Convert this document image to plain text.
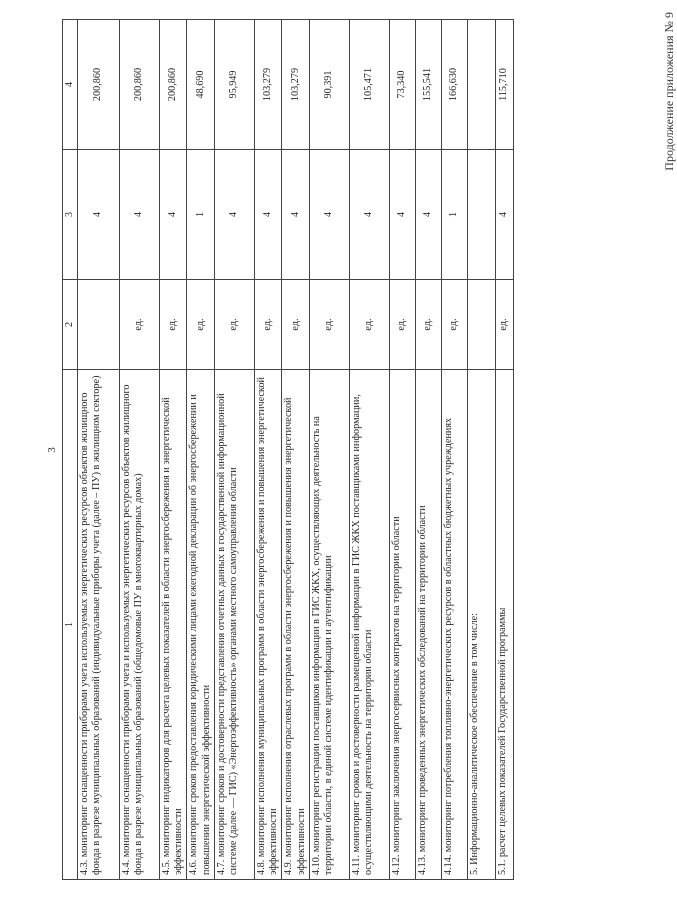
3
1	2	3	4
4.3. мониторинг оснащенности приборами учета используемых энергетических ресурсов объектов жилищного фонда в разрезе муниципальных образований (индивидуальные приборы учета (далее – ПУ) в жилищном секторе)		4	200,860
4.4. мониторинг оснащенности приборами учета и используемых энергетических ресурсов объектов жилищного фонда в разрезе муниципальных образований (общедомовые ПУ в многоквартирных домах)	ед.	4	200,860
4.5. мониторинг индикаторов для расчета целевых показателей в области энергосбережения и энергетической эффективности	ед.	4	200,860
4.6. мониторинг сроков предоставления юридическими лицами ежегодной декларации об энергосбережении и повышении энергетической эффективности	ед.	1	48,690
4.7. мониторинг сроков и достоверности представления отчетных данных в государственной информационной системе (далее — ГИС) «Энергоэффективность» органами местного самоуправления области	ед.	4	95,949
4.8. мониторинг исполнения муниципальных программ в области энергосбережения и повышения энергетической эффективности	ед.	4	103,279
4.9. мониторинг исполнения отраслевых программ в области энергосбережения и повышения энергетической эффективности	ед.	4	103,279
4.10. мониторинг регистрации поставщиков информации в ГИС ЖКХ, осуществляющих деятельность на территории области, в единой системе идентификации и аутентификации	ед.	4	90,391
4.11. мониторинг сроков и достоверности размещенной информации в ГИС ЖКХ поставщиками информации, осуществляющими деятельность на территории области	ед.	4	105,471
4.12. мониторинг заключения энергосервисных контрактов на территории области	ед.	4	73,340
4.13. мониторинг проведенных энергетических обследований на территории области	ед.	4	155,541
4.14. мониторинг потребления топливно-энергетических ресурсов в областных бюджетных учреждениях	ед.	1	166,630
5. Информационно-аналитическое обеспечение в том числе:			
5.1. расчет целевых показателей Государственной программы	ед.	4	115,710	Продолжение приложения № 9
